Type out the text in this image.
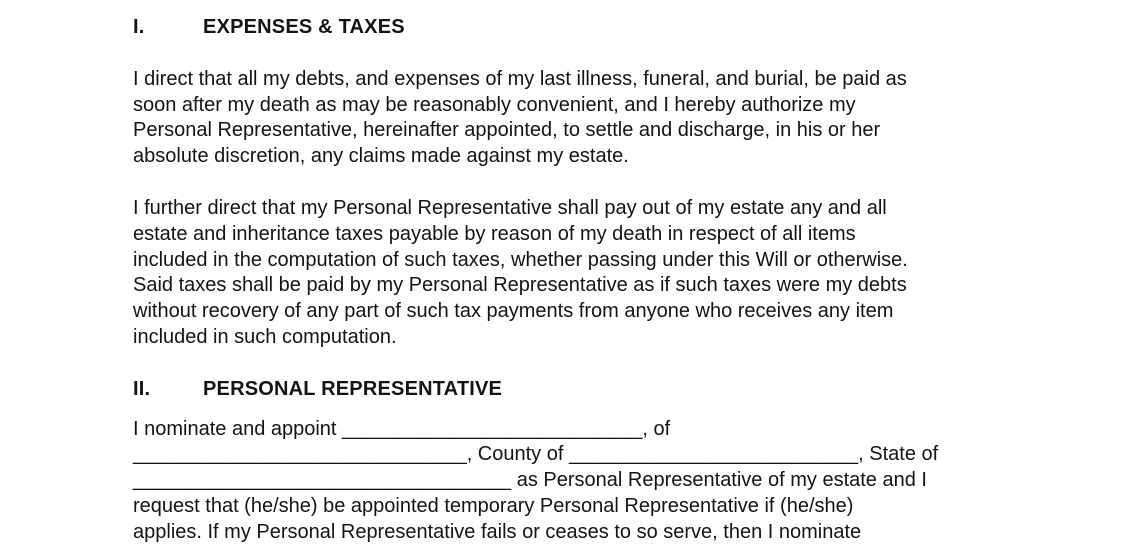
I.	EXPENSES & TAXES
I direct that all my debts, and expenses of my last illness, funeral, and burial, be paid as
soon after my death as may be reasonably convenient, and I hereby authorize my
Personal Representative, hereinafter appointed, to settle and discharge, in his or her
absolute discretion, any claims made against my estate.
I further direct that my Personal Representative shall pay out of my estate any and all
estate and inheritance taxes payable by reason of my death in respect of all items
included in the computation of such taxes, whether passing under this Will or otherwise.
Said taxes shall be paid by my Personal Representative as if such taxes were my debts
without recovery of any part of such tax payments from anyone who receives any item
included in such computation.
II.	PERSONAL REPRESENTATIVE
I nominate and appoint ___________________________, of
______________________________, County of __________________________, State of
__________________________________ as Personal Representative of my estate and I
request that (he/she) be appointed temporary Personal Representative if (he/she)
applies. If my Personal Representative fails or ceases to so serve, then I nominate
